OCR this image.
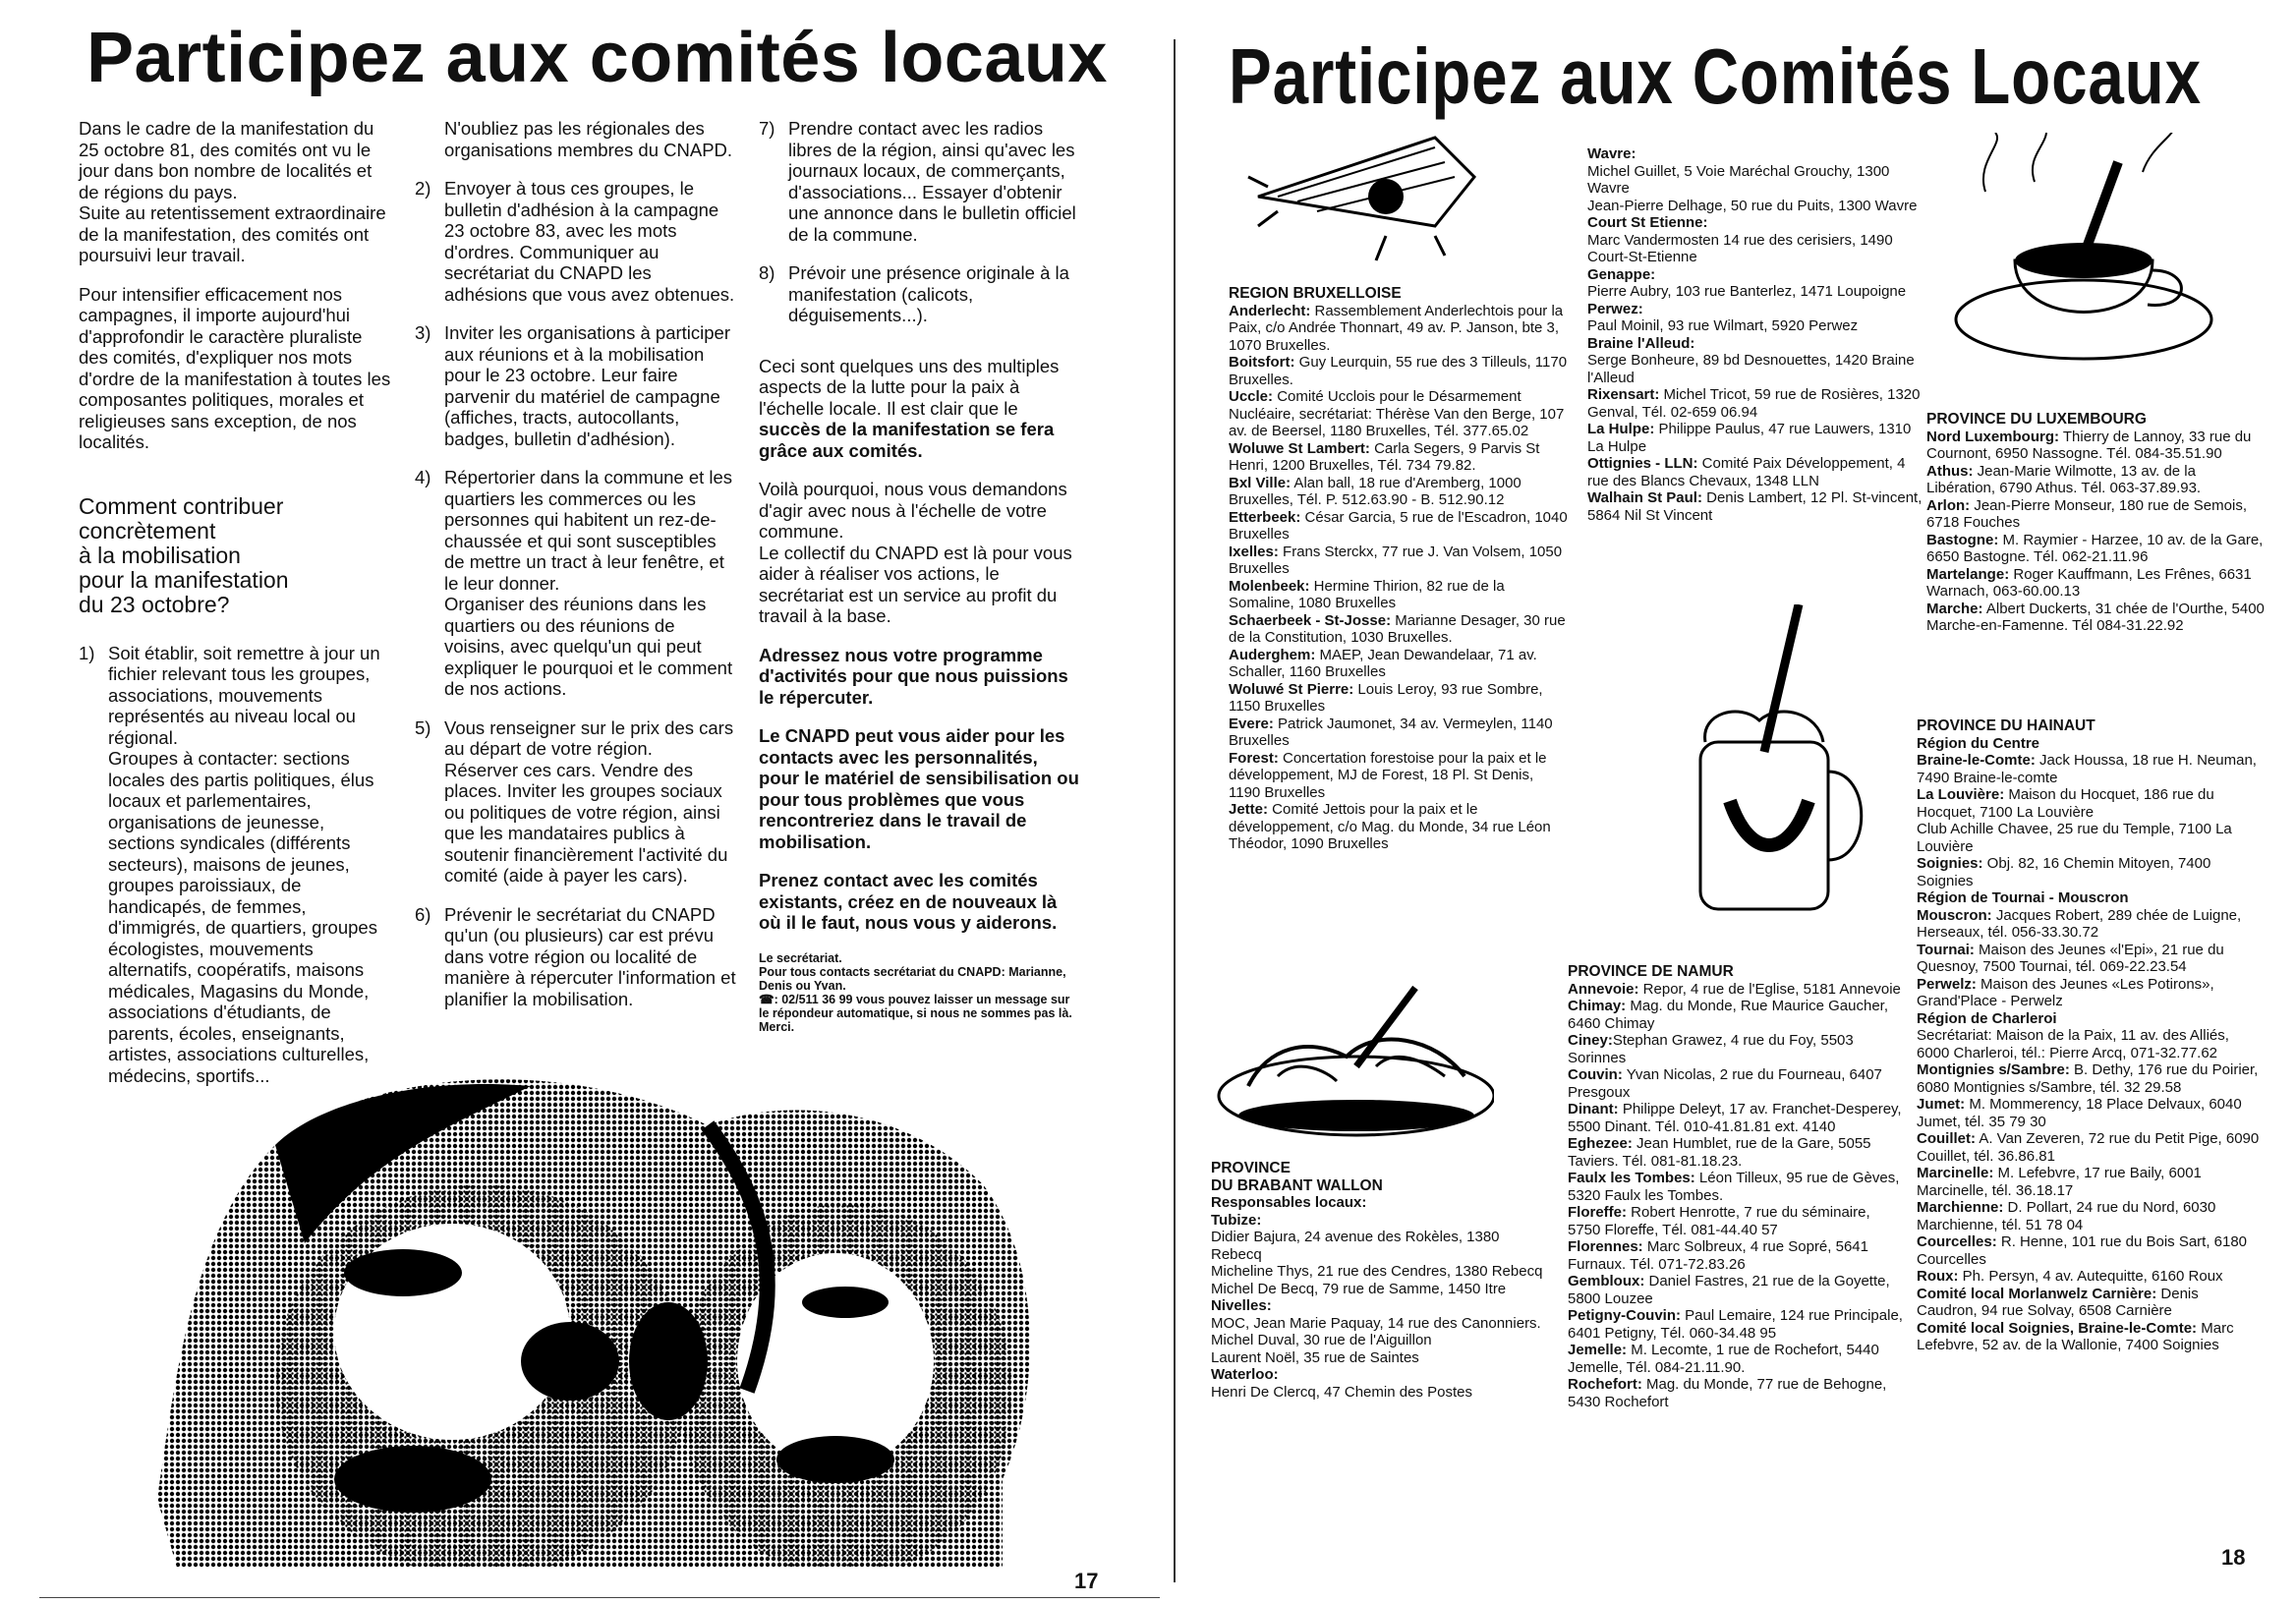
Participez aux comités locaux

Dans le cadre de la manifestation du 25 octobre 81, des comités ont vu le jour dans bon nombre de localités et de régions du pays.
Suite au retentissement extraordinaire de la manifestation, des comités ont poursuivi leur travail.

Pour intensifier efficacement nos campagnes, il importe aujourd'hui d'approfondir le caractère pluraliste des comités, d'expliquer nos mots d'ordre de la manifestation à toutes les composantes politiques, morales et religieuses sans exception, de nos localités.

Comment contribuer
concrètement
à la mobilisation
pour la manifestation
du 23 octobre?
1) Soit établir, soit remettre à jour un fichier relevant tous les groupes, associations, mouvements représentés au niveau local ou régional.
Groupes à contacter: sections locales des partis politiques, élus locaux et parlementaires, organisations de jeunesse, sections syndicales (différents secteurs), maisons de jeunes, groupes paroissiaux, de handicapés, de femmes, d'immigrés, de quartiers, groupes écologistes, mouvements alternatifs, coopératifs, maisons médicales, Magasins du Monde, associations d'étudiants, de parents, écoles, enseignants, artistes, associations culturelles, médecins, sportifs...
N'oubliez pas les régionales des organisations membres du CNAPD.
2) Envoyer à tous ces groupes, le bulletin d'adhésion à la campagne 23 octobre 83, avec les mots d'ordres. Communiquer au secrétariat du CNAPD les adhésions que vous avez obtenues.
3) Inviter les organisations à participer aux réunions et à la mobilisation pour le 23 octobre. Leur faire parvenir du matériel de campagne (affiches, tracts, autocollants, badges, bulletin d'adhésion).
4) Répertorier dans la commune et les quartiers les commerces ou les personnes qui habitent un rez-de-chaussée et qui sont susceptibles de mettre un tract à leur fenêtre, et le leur donner.
Organiser des réunions dans les quartiers ou des réunions de voisins, avec quelqu'un qui peut expliquer le pourquoi et le comment de nos actions.
5) Vous renseigner sur le prix des cars au départ de votre région.
Réserver ces cars. Vendre des places. Inviter les groupes sociaux ou politiques de votre région, ainsi que les mandataires publics à soutenir financièrement l'activité du comité (aide à payer les cars).
6) Prévenir le secrétariat du CNAPD qu'un (ou plusieurs) car est prévu dans votre région ou localité de manière à répercuter l'information et planifier la mobilisation.
7) Prendre contact avec les radios libres de la région, ainsi qu'avec les journaux locaux, de commerçants, d'associations... Essayer d'obtenir une annonce dans le bulletin officiel de la commune.
8) Prévoir une présence originale à la manifestation (calicots, déguisements...).

Ceci sont quelques uns des multiples aspects de la lutte pour la paix à l'échelle locale. Il est clair que le succès de la manifestation se fera grâce aux comités.

Voilà pourquoi, nous vous demandons d'agir avec nous à l'échelle de votre commune.
Le collectif du CNAPD est là pour vous aider à réaliser vos actions, le secrétariat est un service au profit du travail à la base.

Adressez nous votre programme d'activités pour que nous puissions le répercuter.

Le CNAPD peut vous aider pour les contacts avec les personnalités, pour le matériel de sensibilisation ou pour tous problèmes que vous rencontreriez dans le travail de mobilisation.

Prenez contact avec les comités existants, créez en de nouveaux là où il le faut, nous vous y aiderons.

Le secrétariat.
Pour tous contacts secrétariat du CNAPD: Marianne, Denis ou Yvan.
☎: 02/511 36 99 vous pouvez laisser un message sur le répondeur automatique, si nous ne sommes pas là. Merci.
17
Participez aux Comités Locaux
REGION BRUXELLOISE

Anderlecht: Rassemblement Anderlechtois pour la Paix, c/o Andrée Thonnart, 49 av. P. Janson, bte 3, 1070 Bruxelles.

Boitsfort: Guy Leurquin, 55 rue des 3 Tilleuls, 1170 Bruxelles.

Uccle: Comité Ucclois pour le Désarmement Nucléaire, secrétariat: Thérèse Van den Berge, 107 av. de Beersel, 1180 Bruxelles, Tél. 377.65.02

Woluwe St Lambert: Carla Segers, 9 Parvis St Henri, 1200 Bruxelles, Tél. 734 79.82.

Bxl Ville: Alan ball, 18 rue d'Aremberg, 1000 Bruxelles, Tél. P. 512.63.90 - B. 512.90.12

Etterbeek: César Garcia, 5 rue de l'Escadron, 1040 Bruxelles

Ixelles: Frans Sterckx, 77 rue J. Van Volsem, 1050 Bruxelles

Molenbeek: Hermine Thirion, 82 rue de la Somaline, 1080 Bruxelles

Schaerbeek - St-Josse: Marianne Desager, 30 rue de la Constitution, 1030 Bruxelles.

Auderghem: MAEP, Jean Dewandelaar, 71 av. Schaller, 1160 Bruxelles

Woluwé St Pierre: Louis Leroy, 93 rue Sombre, 1150 Bruxelles

Evere: Patrick Jaumonet, 34 av. Vermeylen, 1140 Bruxelles

Forest: Concertation forestoise pour la paix et le développement, MJ de Forest, 18 Pl. St Denis, 1190 Bruxelles

Jette: Comité Jettois pour la paix et le développement, c/o Mag. du Monde, 34 rue Léon Théodor, 1090 Bruxelles

PROVINCE
DU BRABANT WALLON

Responsables locaux:

Tubize:

Didier Bajura, 24 avenue des Rokèles, 1380 Rebecq

Micheline Thys, 21 rue des Cendres, 1380 Rebecq

Michel De Becq, 79 rue de Samme, 1450 Itre

Nivelles:

MOC, Jean Marie Paquay, 14 rue des Canonniers.

Michel Duval, 30 rue de l'Aiguillon

Laurent Noël, 35 rue de Saintes

Waterloo:

Henri De Clercq, 47 Chemin des Postes

Wavre:

Michel Guillet, 5 Voie Maréchal Grouchy, 1300 Wavre

Jean-Pierre Delhage, 50 rue du Puits, 1300 Wavre

Court St Etienne:

Marc Vandermosten 14 rue des cerisiers, 1490 Court-St-Etienne

Genappe:

Pierre Aubry, 103 rue Banterlez, 1471 Loupoigne

Perwez:

Paul Moinil, 93 rue Wilmart, 5920 Perwez

Braine l'Alleud:

Serge Bonheure, 89 bd Desnouettes, 1420 Braine l'Alleud

Rixensart: Michel Tricot, 59 rue de Rosières, 1320 Genval, Tél. 02-659 06.94

La Hulpe: Philippe Paulus, 47 rue Lauwers, 1310 La Hulpe

Ottignies - LLN: Comité Paix Développement, 4 rue des Blancs Chevaux, 1348 LLN

Walhain St Paul: Denis Lambert, 12 Pl. St-vincent, 5864 Nil St Vincent

PROVINCE DE NAMUR

Annevoie: Repor, 4 rue de l'Eglise, 5181 Annevoie

Chimay: Mag. du Monde, Rue Maurice Gaucher, 6460 Chimay

Ciney:Stephan Grawez, 4 rue du Foy, 5503 Sorinnes

Couvin: Yvan Nicolas, 2 rue du Fourneau, 6407 Presgoux

Dinant: Philippe Deleyt, 17 av. Franchet-Desperey, 5500 Dinant. Tél. 010-41.81.81 ext. 4140

Eghezee: Jean Humblet, rue de la Gare, 5055 Taviers. Tél. 081-81.18.23.

Faulx les Tombes: Léon Tilleux, 95 rue de Gèves, 5320 Faulx les Tombes.

Floreffe: Robert Henrotte, 7 rue du séminaire, 5750 Floreffe, Tél. 081-44.40 57

Florennes: Marc Solbreux, 4 rue Sopré, 5641 Furnaux. Tél. 071-72.83.26

Gembloux: Daniel Fastres, 21 rue de la Goyette, 5800 Louzee

Petigny-Couvin: Paul Lemaire, 124 rue Principale, 6401 Petigny, Tél. 060-34.48 95

Jemelle: M. Lecomte, 1 rue de Rochefort, 5440 Jemelle, Tél. 084-21.11.90.

Rochefort: Mag. du Monde, 77 rue de Behogne, 5430 Rochefort

PROVINCE DU LUXEMBOURG

Nord Luxembourg: Thierry de Lannoy, 33 rue du Cournont, 6950 Nassogne. Tél. 084-35.51.90

Athus: Jean-Marie Wilmotte, 13 av. de la Libération, 6790 Athus. Tél. 063-37.89.93.

Arlon: Jean-Pierre Monseur, 180 rue de Semois, 6718 Fouches

Bastogne: M. Raymier - Harzee, 10 av. de la Gare, 6650 Bastogne. Tél. 062-21.11.96

Martelange: Roger Kauffmann, Les Frênes, 6631 Warnach, 063-60.00.13

Marche: Albert Duckerts, 31 chée de l'Ourthe, 5400 Marche-en-Famenne. Tél 084-31.22.92

PROVINCE DU HAINAUT

Région du Centre

Braine-le-Comte: Jack Houssa, 18 rue H. Neuman, 7490 Braine-le-comte

La Louvière: Maison du Hocquet, 186 rue du Hocquet, 7100 La Louvière

Club Achille Chavee, 25 rue du Temple, 7100 La Louvière

Soignies: Obj. 82, 16 Chemin Mitoyen, 7400 Soignies

Région de Tournai - Mouscron

Mouscron: Jacques Robert, 289 chée de Luigne, Herseaux, tél. 056-33.30.72

Tournai: Maison des Jeunes «l'Epi», 21 rue du Quesnoy, 7500 Tournai, tél. 069-22.23.54

Perwelz: Maison des Jeunes «Les Potirons», Grand'Place - Perwelz

Région de Charleroi

Secrétariat: Maison de la Paix, 11 av. des Alliés, 6000 Charleroi, tél.: Pierre Arcq, 071-32.77.62

Montignies s/Sambre: B. Dethy, 176 rue du Poirier, 6080 Montignies s/Sambre, tél. 32 29.58

Jumet: M. Mommerency, 18 Place Delvaux, 6040 Jumet, tél. 35 79 30

Couillet: A. Van Zeveren, 72 rue du Petit Pige, 6090 Couillet, tél. 36.86.81

Marcinelle: M. Lefebvre, 17 rue Baily, 6001 Marcinelle, tél. 36.18.17

Marchienne: D. Pollart, 24 rue du Nord, 6030 Marchienne, tél. 51 78 04

Courcelles: R. Henne, 101 rue du Bois Sart, 6180 Courcelles

Roux: Ph. Persyn, 4 av. Autequitte, 6160 Roux

Comité local Morlanwelz Carnière: Denis Caudron, 94 rue Solvay, 6508 Carnière

Comité local Soignies, Braine-le-Comte: Marc Lefebvre, 52 av. de la Wallonie, 7400 Soignies

18
